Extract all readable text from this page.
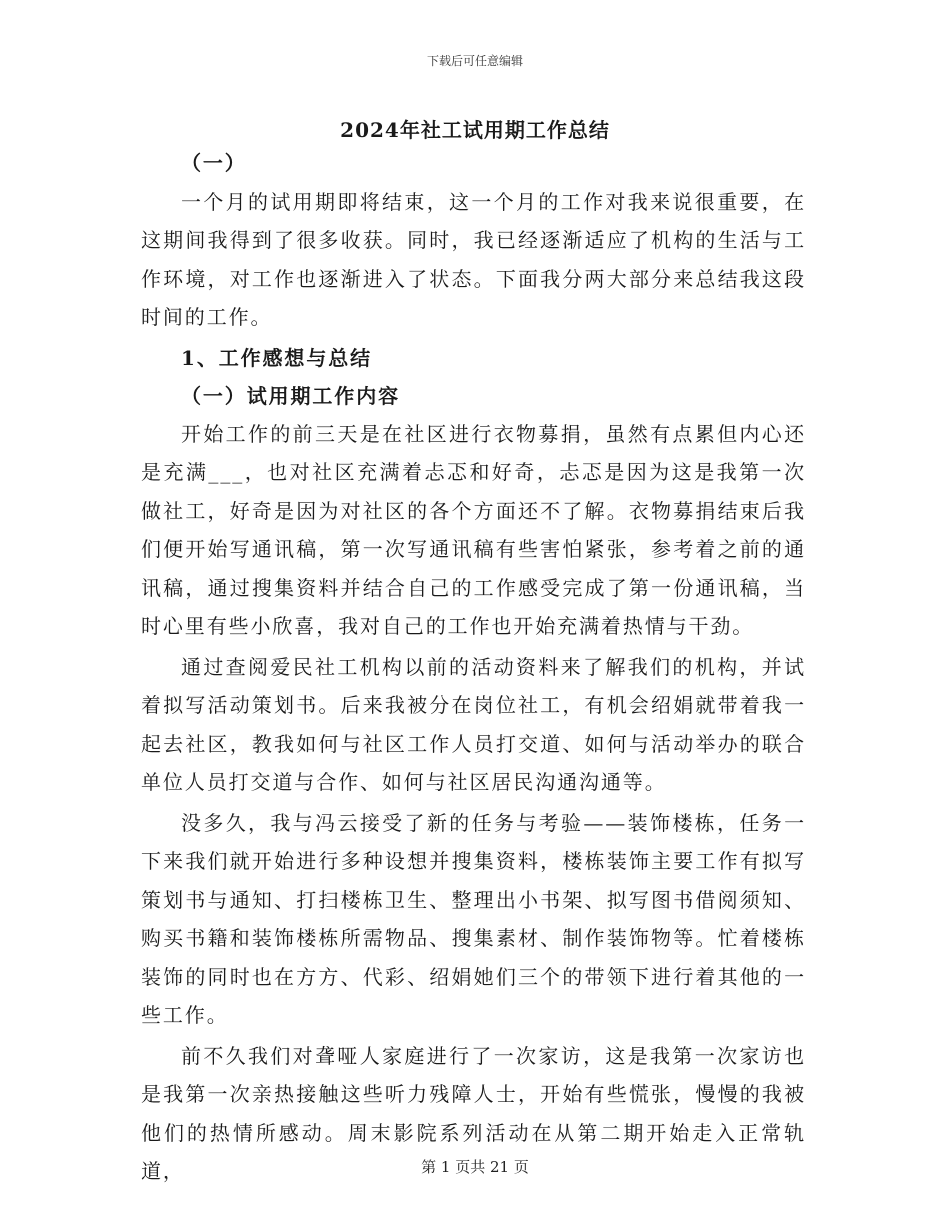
下载后可任意编辑
2024年社工试用期工作总结

（一）

一个月的试用期即将结束，这一个月的工作对我来说很重要，在这期间我得到了很多收获。同时，我已经逐渐适应了机构的生活与工作环境，对工作也逐渐进入了状态。下面我分两大部分来总结我这段时间的工作。

1、工作感想与总结

（一）试用期工作内容

开始工作的前三天是在社区进行衣物募捐，虽然有点累但内心还是充满___，也对社区充满着忐忑和好奇，忐忑是因为这是我第一次做社工，好奇是因为对社区的各个方面还不了解。衣物募捐结束后我们便开始写通讯稿，第一次写通讯稿有些害怕紧张，参考着之前的通讯稿，通过搜集资料并结合自己的工作感受完成了第一份通讯稿，当时心里有些小欣喜，我对自己的工作也开始充满着热情与干劲。

通过查阅爱民社工机构以前的活动资料来了解我们的机构，并试着拟写活动策划书。后来我被分在岗位社工，有机会绍娟就带着我一起去社区，教我如何与社区工作人员打交道、如何与活动举办的联合单位人员打交道与合作、如何与社区居民沟通沟通等。

没多久，我与冯云接受了新的任务与考验——装饰楼栋，任务一下来我们就开始进行多种设想并搜集资料，楼栋装饰主要工作有拟写策划书与通知、打扫楼栋卫生、整理出小书架、拟写图书借阅须知、购买书籍和装饰楼栋所需物品、搜集素材、制作装饰物等。忙着楼栋装饰的同时也在方方、代彩、绍娟她们三个的带领下进行着其他的一些工作。

前不久我们对聋哑人家庭进行了一次家访，这是我第一次家访也是我第一次亲热接触这些听力残障人士，开始有些慌张，慢慢的我被他们的热情所感动。周末影院系列活动在从第二期开始走入正常轨道，	第 1 页共 21 页
